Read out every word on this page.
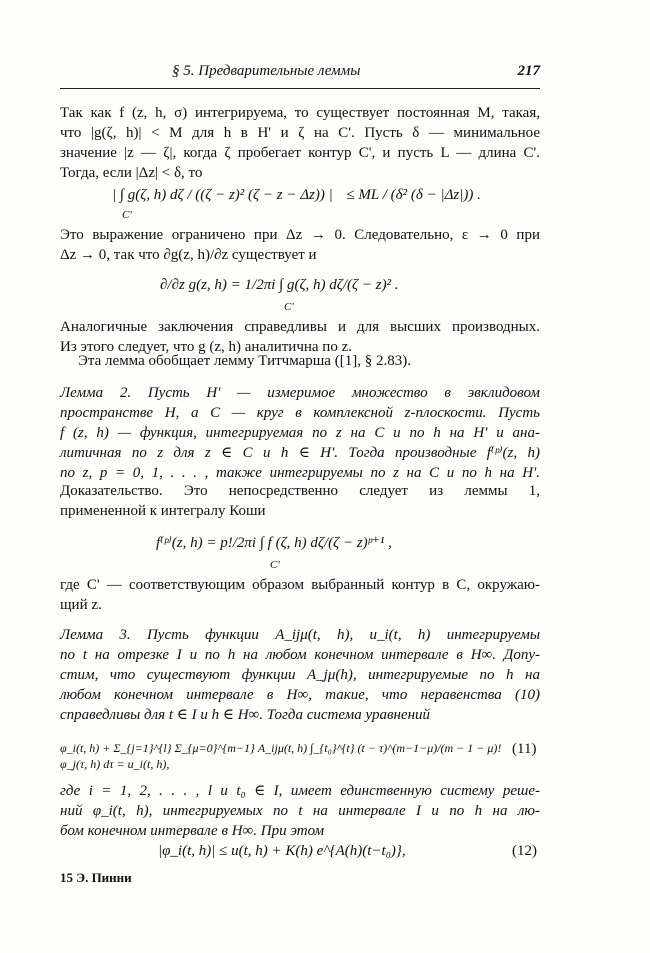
§ 5. Предварительные леммы	217
Так как f (z, h, σ) интегрируема, то существует постоянная M, такая,
что |g(ζ, h)| < M для h в H' и ζ на C'. Пусть δ — минимальное
значение |z — ζ|, когда ζ пробегает контур C', и пусть L — длина C'.
Тогда, если |Δz| < δ, то
| ∫ g(ζ, h) dζ / ((ζ − z)² (ζ − z − Δz)) | ≤ ML / (δ² (δ − |Δz|)) .
C'
Это выражение ограничено при Δz → 0. Следовательно, ε → 0 при
Δz → 0, так что ∂g(z, h)/∂z существует и
∂/∂z g(z, h) = 1/2πi ∫ g(ζ, h) dζ/(ζ − z)² .
C'
Аналогичные заключения справедливы и для высших производных.
Из этого следует, что g (z, h) аналитична по z.
Эта лемма обобщает лемму Титчмарша ([1], § 2.83).
Лемма 2. Пусть H' — измеримое множество в эвклидовом
пространстве H, а C — круг в комплексной z-плоскости. Пусть
f (z, h) — функция, интегрируемая по z на C и по h на H' и ана-
литичная по z для z ∈ C и h ∈ H'. Тогда производные f⁽ᵖ⁾(z, h)
по z, p = 0, 1, . . . , также интегрируемы по z на C и по h на H'.
Доказательство. Это непосредственно следует из леммы 1,
примененной к интегралу Коши
f⁽ᵖ⁾(z, h) = p!/2πi ∫ f (ζ, h) dζ/(ζ − z)ᵖ⁺¹ ,
C'
где C' — соответствующим образом выбранный контур в C, окружаю-
щий z.
Лемма 3. Пусть функции A_ijμ(t, h), u_i(t, h) интегрируемы
по t на отрезке I и по h на любом конечном интервале в H∞. Допу-
стим, что существуют функции A_jμ(h), интегрируемые по h на
любом конечном интервале в H∞, такие, что неравенства (10)
справедливы для t ∈ I и h ∈ H∞. Тогда система уравнений
φ_i(t, h) + Σ_{j=1}^{l} Σ_{μ=0}^{m−1} A_ijμ(t, h) ∫_{t₀}^{t} (t − τ)^(m−1−μ)/(m − 1 − μ)! φ_j(τ, h) dτ = u_i(t, h),
(11)
где i = 1, 2, . . . , l и t₀ ∈ I, имеет единственную систему реше-
ний φ_i(t, h), интегрируемых по t на интервале I и по h на лю-
бом конечном интервале в H∞. При этом
|φ_i(t, h)| ≤ u(t, h) + K(h) e^{A(h)(t−t₀)},	(12)
15 Э. Пинни
